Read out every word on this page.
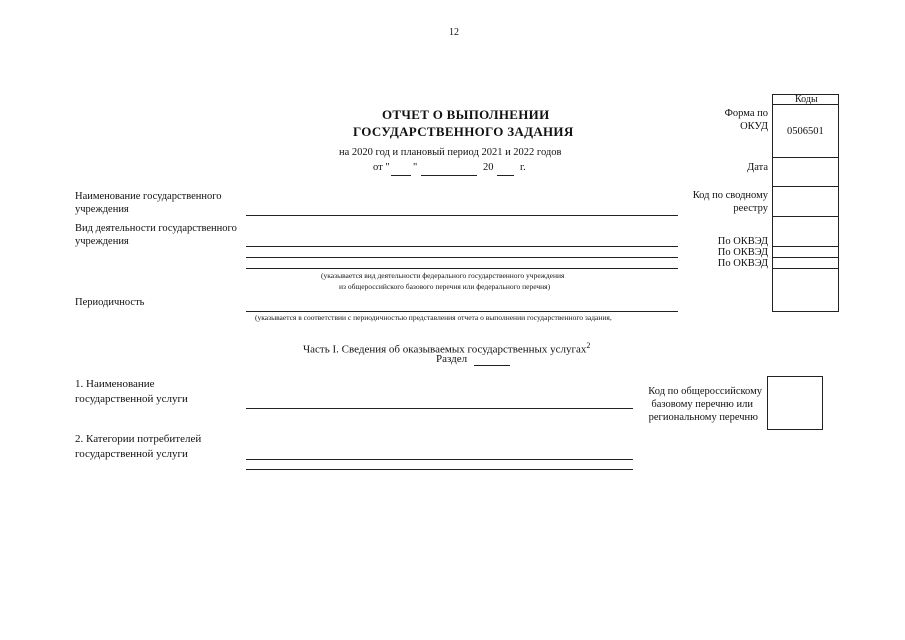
12
ОТЧЕТ О ВЫПОЛНЕНИИ
ГОСУДАРСТВЕННОГО ЗАДАНИЯ
на 2020 год и плановый период 2021 и 2022 годов
от " "	20	г.
Коды
0506501
Форма по
ОКУД
Дата
Код по сводному
реестру
По ОКВЭД
По ОКВЭД
По ОКВЭД
Наименование государственного
учреждения
Вид деятельности государственного
учреждения
(указывается вид деятельности федерального государственного учреждения
из общероссийского базового перечня или федерального перечня)
Периодичность
(указывается в соответствии с периодичностью представления отчета о выполнении государственного задания,
Часть I. Сведения об оказываемых государственных услугах$^2$
Раздел
1. Наименование
государственной услуги
Код по общероссийскому
базовому перечню или
региональному перечню
2. Категории потребителей
государственной услуги
